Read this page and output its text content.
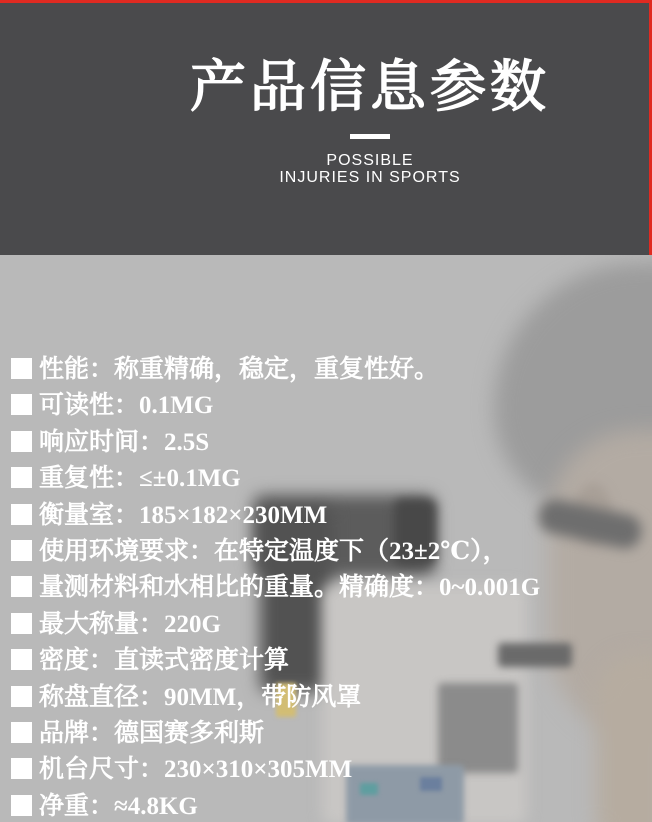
产品信息参数
POSSIBLE
INJURIES IN SPORTS
性能：称重精确，稳定，重复性好。
可读性：0.1MG
响应时间：2.5S
重复性：≤±0.1MG
衡量室：185×182×230MM
使用环境要求：在特定温度下（23±2℃），
量测材料和水相比的重量。精确度：0~0.001G
最大称量：220G
密度：直读式密度计算
称盘直径：90MM，带防风罩
品牌：德国赛多利斯
机台尺寸：230×310×305MM
净重：≈4.8KG
